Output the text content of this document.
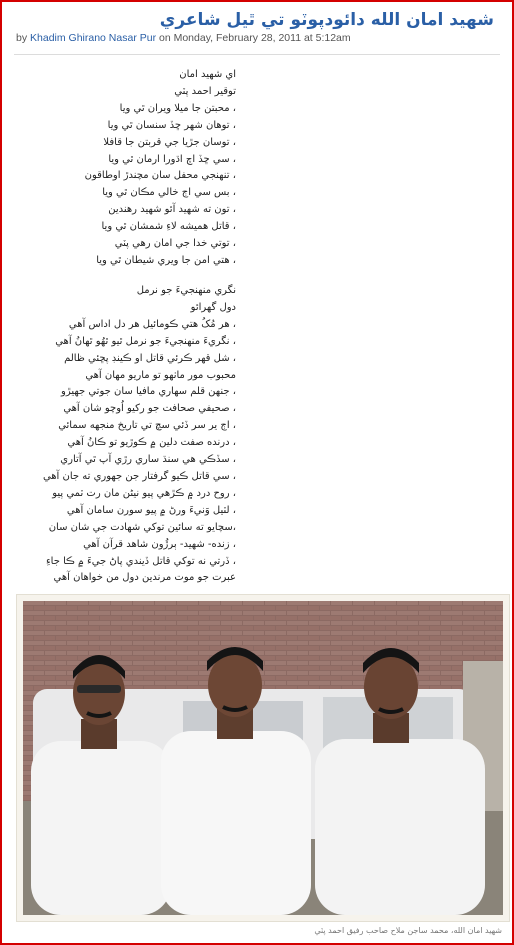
شهيد امان الله دائودپوٽو تي ٿيل شاعري
by Khadim Ghirano Nasar Pur on Monday, February 28, 2011 at 5:12am
اي شهيد امان
توقير احمد پٽي
، محبتن جا ميلا ويران ٿي ويا
، توهان شهر ڇڏ سنسان ٿي ويا
، توسان جڙيا جي قربتن جا قافلا
، سي ڇڏ اچ اڌورا ارمان ٿي ويا
، تنهنجي محفل سان مچندڙ اوطاقون
، بس سي اڄ خالي مڪان ٿي ويا
، تون ته شهيد آئو شهيد رهندين
، قاتل هميشه لاءِ شمشان ٿي ويا
، توتي خدا جي امان رهي پٽي
، هتي امن جا ويري شيطان ٿي ويا
نگري منهنجيءَ جو نرمل
دول گهرائو
، هر مُکُ هتي ڪومائيل هر دل اداس آهي
، نگريءَ منهنجيءَ جو نرمل ٿيو ٿهُو ٿهانُ آهي
، شل قهر ڪرئي قاتل او ڪينڊ پڇئي ظالم
محبوب مور ماٺهو تو ماريو مهان آهي
، جنهن قلم سهاري مافيا سان جوتي جهيڙو
، صحيفي صحافت جو رکيو اُوچو شان آهي
، اڄ ير سر ڏئي سچ تي تاريخ منجهه سمائي
، درنده صفت دلين ۾ ڪوڙيو تو ڪانُ آهي
، سڏڪي هي سنڌ ساري رڙي آپ ٿي آتاري
، سي قاتل ڪيو گرفتار جن جهوري ته جان آهي
، روح درد ۾ ڪڙهي پيو نيڻن مان رت ٽمي پيو
، لٽيل وَنيءَ ورڻ ۾ پيو سورن سامان آهي
،سچايو ته سائين توکي شهادت جي شان سان
، زنده- شهيد- ٻرڙُون شاهد قرآن آهي
، ڏرتي نه توکي قاتل ڏيندي پاڻ جيءَ ۾ ڪا جاءِ
عبرت جو موت مرندين دول من خواهان آهي
شهيد امان الله، محمد ساجن ملاح صاحب رفيق احمد پٽي
